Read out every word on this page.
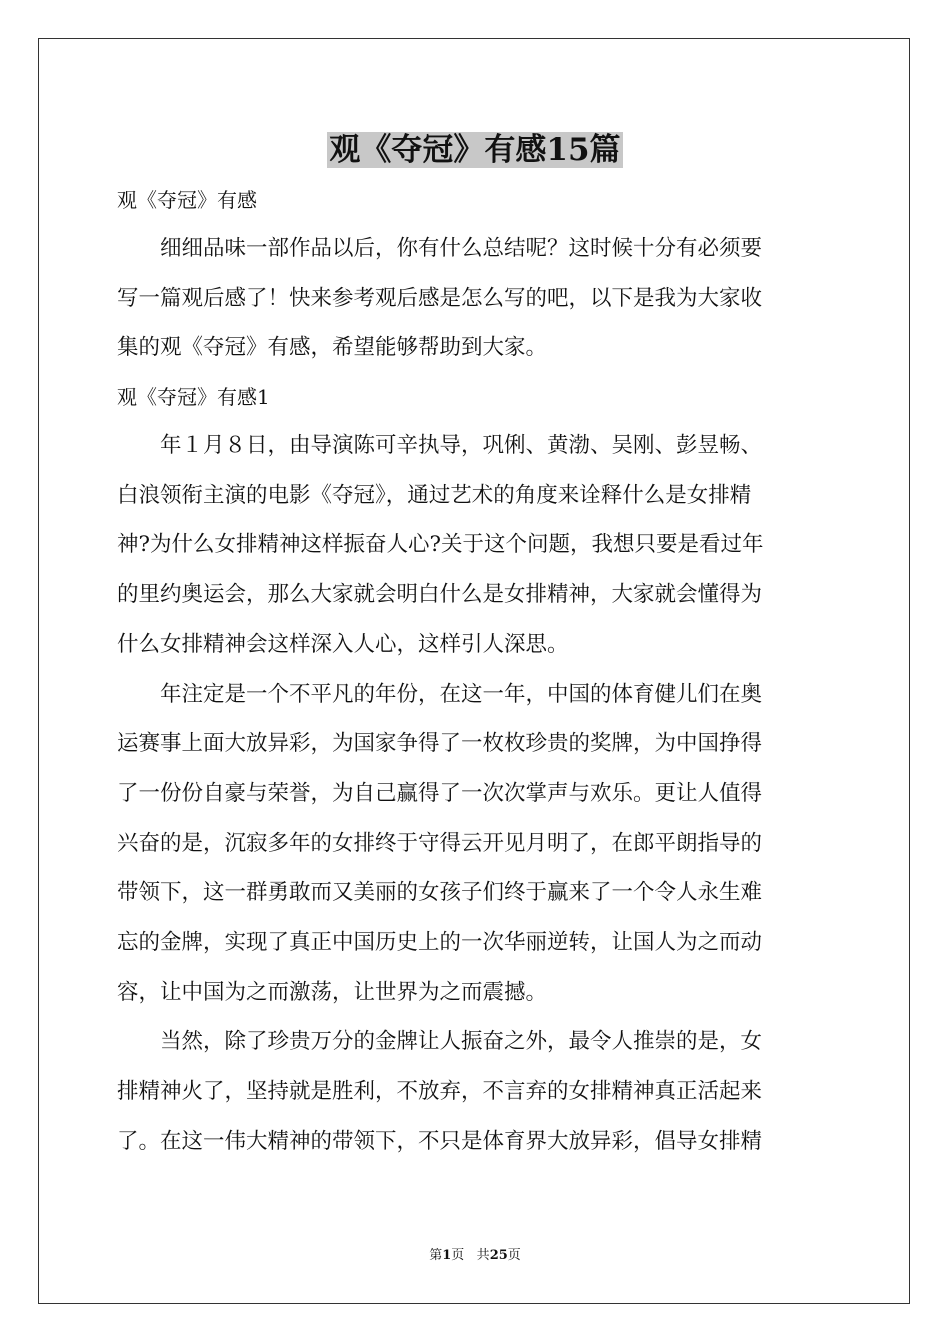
观《夺冠》有感15篇
观《夺冠》有感
　　细细品味一部作品以后，你有什么总结呢？这时候十分有必须要
写一篇观后感了！快来参考观后感是怎么写的吧，以下是我为大家收
集的观《夺冠》有感，希望能够帮助到大家。
观《夺冠》有感1
　　年１月８日，由导演陈可辛执导，巩俐、黄渤、吴刚、彭昱畅、
白浪领衔主演的电影《夺冠》，通过艺术的角度来诠释什么是女排精
神?为什么女排精神这样振奋人心?关于这个问题，我想只要是看过年
的里约奥运会，那么大家就会明白什么是女排精神，大家就会懂得为
什么女排精神会这样深入人心，这样引人深思。
　　年注定是一个不平凡的年份，在这一年，中国的体育健儿们在奥
运赛事上面大放异彩，为国家争得了一枚枚珍贵的奖牌，为中国挣得
了一份份自豪与荣誉，为自己赢得了一次次掌声与欢乐。更让人值得
兴奋的是，沉寂多年的女排终于守得云开见月明了，在郎平朗指导的
带领下，这一群勇敢而又美丽的女孩子们终于赢来了一个令人永生难
忘的金牌，实现了真正中国历史上的一次华丽逆转，让国人为之而动
容，让中国为之而激荡，让世界为之而震撼。
　　当然，除了珍贵万分的金牌让人振奋之外，最令人推崇的是，女
排精神火了，坚持就是胜利，不放弃，不言弃的女排精神真正活起来
了。在这一伟大精神的带领下，不只是体育界大放异彩，倡导女排精
第1页 共25页
